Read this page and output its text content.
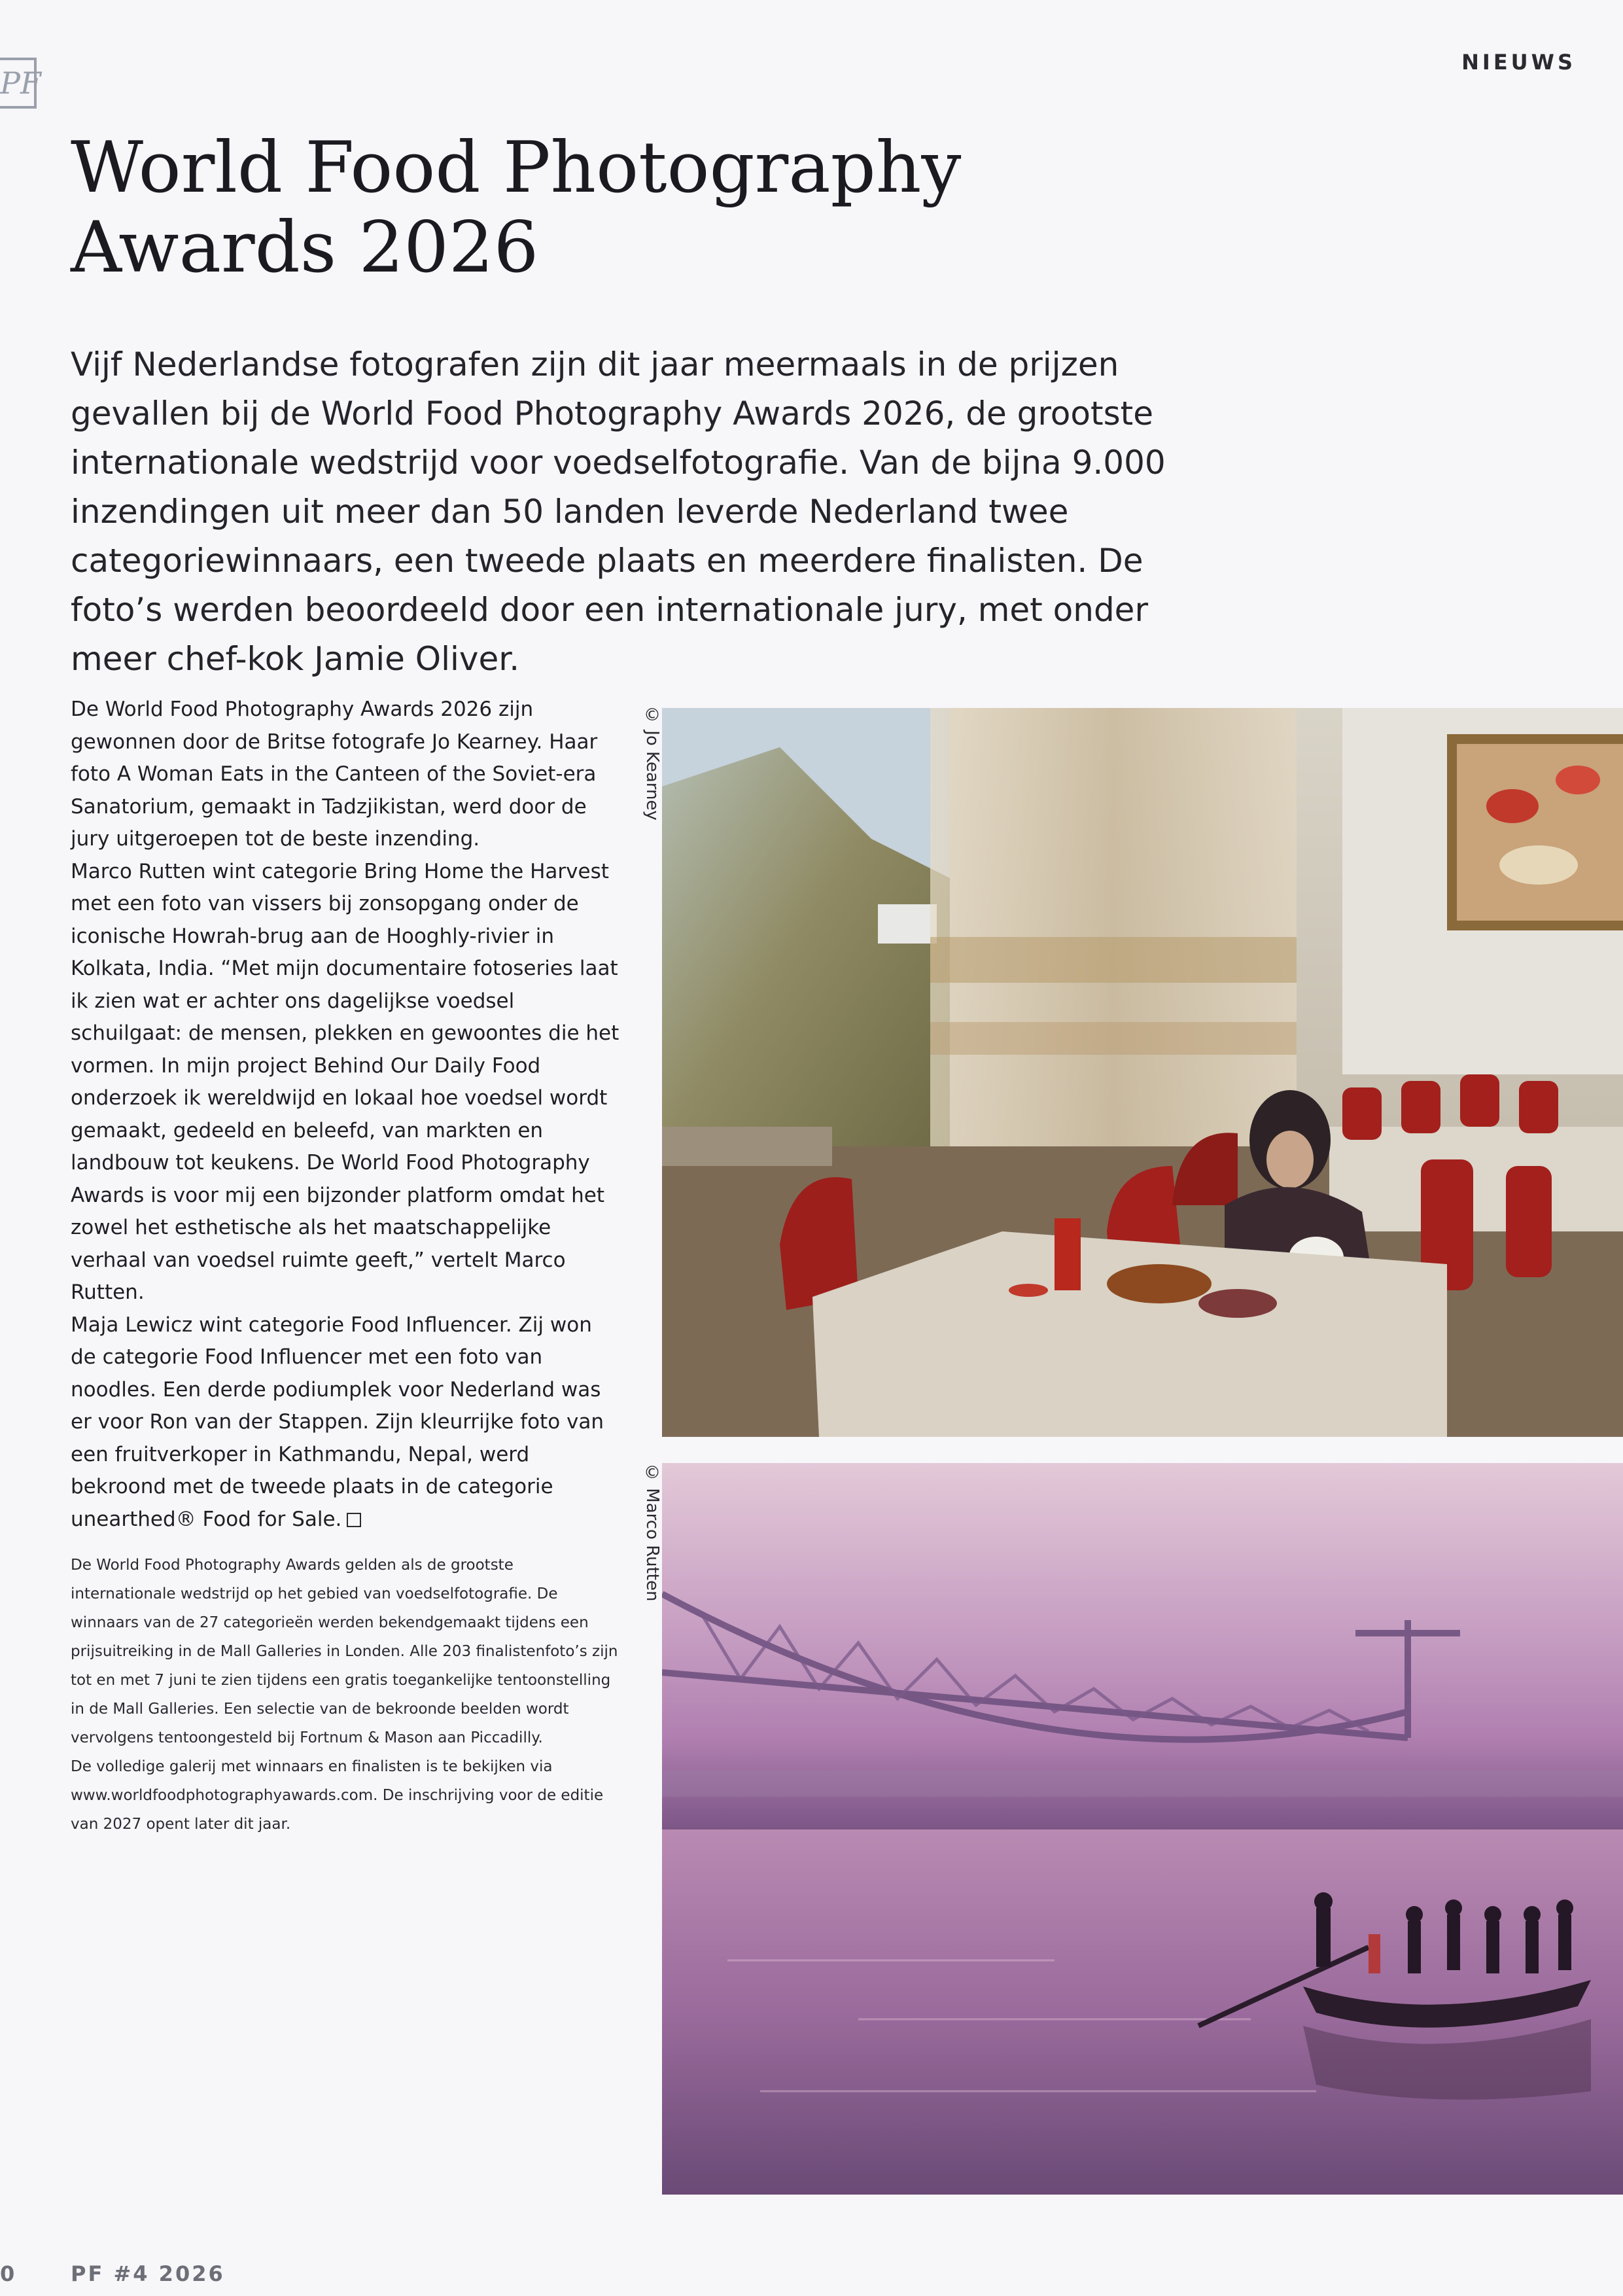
PF
NIEUWS
World Food Photography
Awards 2026

Vijf Nederlandse fotografen zijn dit jaar meermaals in de prijzen gevallen bij de World Food Photography Awards 2026, de grootste internationale wedstrijd voor voedselfotografie. Van de bijna 9.000 inzendingen uit meer dan 50 landen leverde Nederland twee categoriewinnaars, een tweede plaats en meerdere finalisten. De foto’s werden beoordeeld door een internationale jury, met onder meer chef-kok Jamie Oliver.

De World Food Photography Awards 2026 zijn gewonnen door de Britse fotografe Jo Kearney. Haar foto A Woman Eats in the Canteen of the Soviet-era Sanatorium, gemaakt in Tadzjikistan, werd door de jury uitgeroepen tot de beste inzending.

Marco Rutten wint categorie Bring Home the Harvest met een foto van vissers bij zonsopgang onder de iconische Howrah-brug aan de Hooghly-rivier in Kolkata, India. “Met mijn documentaire fotoseries laat ik zien wat er achter ons dagelijkse voedsel schuilgaat: de mensen, plekken en gewoontes die het vormen. In mijn project Behind Our Daily Food onderzoek ik wereldwijd en lokaal hoe voedsel wordt gemaakt, gedeeld en beleefd, van markten en landbouw tot keukens. De World Food Photography Awards is voor mij een bijzonder platform omdat het zowel het esthetische als het maatschappelijke verhaal van voedsel ruimte geeft,” vertelt Marco Rutten.

Maja Lewicz wint categorie Food Influencer. Zij won de categorie Food Influencer met een foto van noodles. Een derde podiumplek voor Nederland was er voor Ron van der Stappen. Zijn kleurrijke foto van een fruitverkoper in Kathmandu, Nepal, werd bekroond met de tweede plaats in de categorie unearthed® Food for Sale.

De World Food Photography Awards gelden als de grootste internationale wedstrijd op het gebied van voedselfotografie. De winnaars van de 27 categorieën werden bekendgemaakt tijdens een prijsuitreiking in de Mall Galleries in Londen. Alle 203 finalistenfoto’s zijn tot en met 7 juni te zien tijdens een gratis toegankelijke tentoonstelling in de Mall Galleries. Een selectie van de bekroonde beelden wordt vervolgens tentoongesteld bij Fortnum & Mason aan Piccadilly.

De volledige galerij met winnaars en finalisten is te bekijken via www.worldfoodphotographyawards.com. De inschrijving voor de editie van 2027 opent later dit jaar.

© Jo Kearney
© Marco Rutten
0	PF #4 2026
